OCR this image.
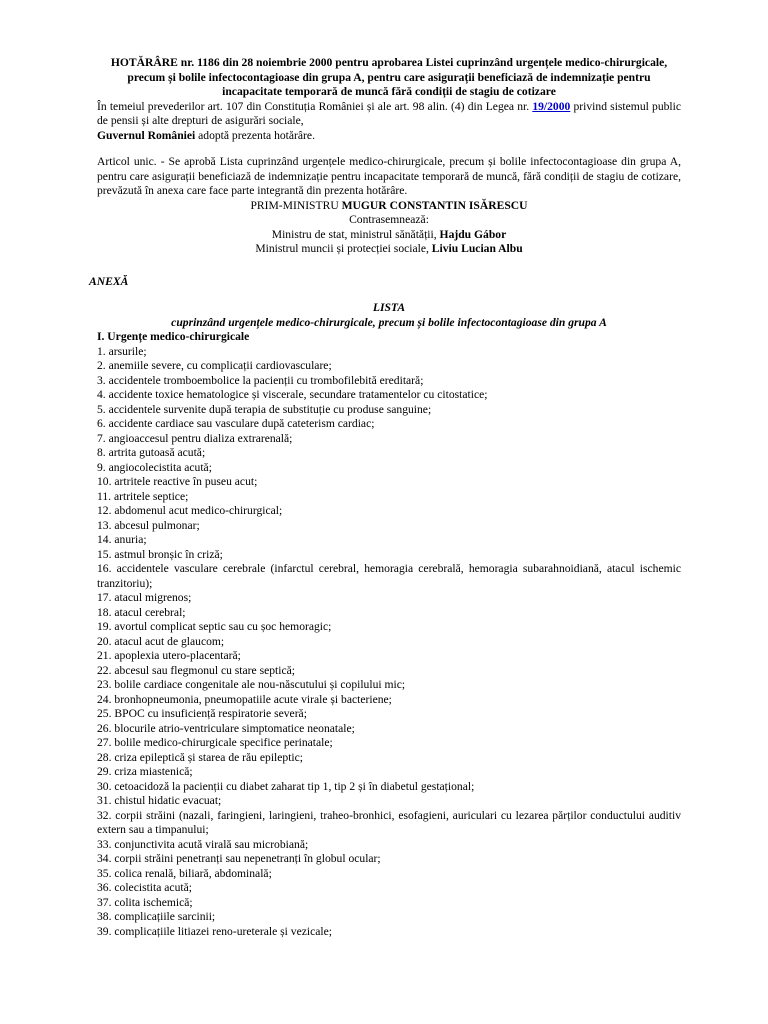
HOTĂRÂRE nr. 1186 din 28 noiembrie 2000 pentru aprobarea Listei cuprinzând urgențele medico-chirurgicale, precum și bolile infectocontagioase din grupa A, pentru care asigurații beneficiază de indemnizație pentru incapacitate temporară de muncă fără condiții de stagiu de cotizare

În temeiul prevederilor art. 107 din Constituția României și ale art. 98 alin. (4) din Legea nr. 19/2000 privind sistemul public de pensii și alte drepturi de asigurări sociale,

Guvernul României adoptă prezenta hotărâre.

Articol unic. - Se aprobă Lista cuprinzând urgențele medico-chirurgicale, precum și bolile infectocontagioase din grupa A, pentru care asigurații beneficiază de indemnizație pentru incapacitate temporară de muncă, fără condiții de stagiu de cotizare, prevăzută în anexa care face parte integrantă din prezenta hotărâre.

PRIM-MINISTRU MUGUR CONSTANTIN ISĂRESCU
Contrasemnează:
Ministru de stat, ministrul sănătății, Hajdu Gábor
Ministrul muncii și protecției sociale, Liviu Lucian Albu
ANEXĂ
LISTA
cuprinzând urgențele medico-chirurgicale, precum și bolile infectocontagioase din grupa A
I. Urgențe medico-chirurgicale
1. arsurile;
2. anemiile severe, cu complicații cardiovasculare;
3. accidentele tromboembolice la pacienții cu trombofilebită ereditară;
4. accidente toxice hematologice și viscerale, secundare tratamentelor cu citostatice;
5. accidentele survenite după terapia de substituție cu produse sanguine;
6. accidente cardiace sau vasculare după cateterism cardiac;
7. angioaccesul pentru dializa extrarenală;
8. artrita gutoasă acută;
9. angiocolecistita acută;
10. artritele reactive în puseu acut;
11. artritele septice;
12. abdomenul acut medico-chirurgical;
13. abcesul pulmonar;
14. anuria;
15. astmul bronșic în criză;
16. accidentele vasculare cerebrale (infarctul cerebral, hemoragia cerebrală, hemoragia subarahnoidiană, atacul ischemic tranzitoriu);
17. atacul migrenos;
18. atacul cerebral;
19. avortul complicat septic sau cu șoc hemoragic;
20. atacul acut de glaucom;
21. apoplexia utero-placentară;
22. abcesul sau flegmonul cu stare septică;
23. bolile cardiace congenitale ale nou-născutului și copilului mic;
24. bronhopneumonia, pneumopatiile acute virale și bacteriene;
25. BPOC cu insuficiență respiratorie severă;
26. blocurile atrio-ventriculare simptomatice neonatale;
27. bolile medico-chirurgicale specifice perinatale;
28. criza epileptică și starea de rău epileptic;
29. criza miastenică;
30. cetoacidoză la pacienții cu diabet zaharat tip 1, tip 2 și în diabetul gestațional;
31. chistul hidatic evacuat;
32. corpii străini (nazali, faringieni, laringieni, traheo-bronhici, esofagieni, auriculari cu lezarea părților conductului auditiv extern sau a timpanului;
33. conjunctivita acută virală sau microbiană;
34. corpii străini penetranți sau nepenetranți în globul ocular;
35. colica renală, biliară, abdominală;
36. colecistita acută;
37. colita ischemică;
38. complicațiile sarcinii;
39. complicațiile litiazei reno-ureterale și vezicale;
